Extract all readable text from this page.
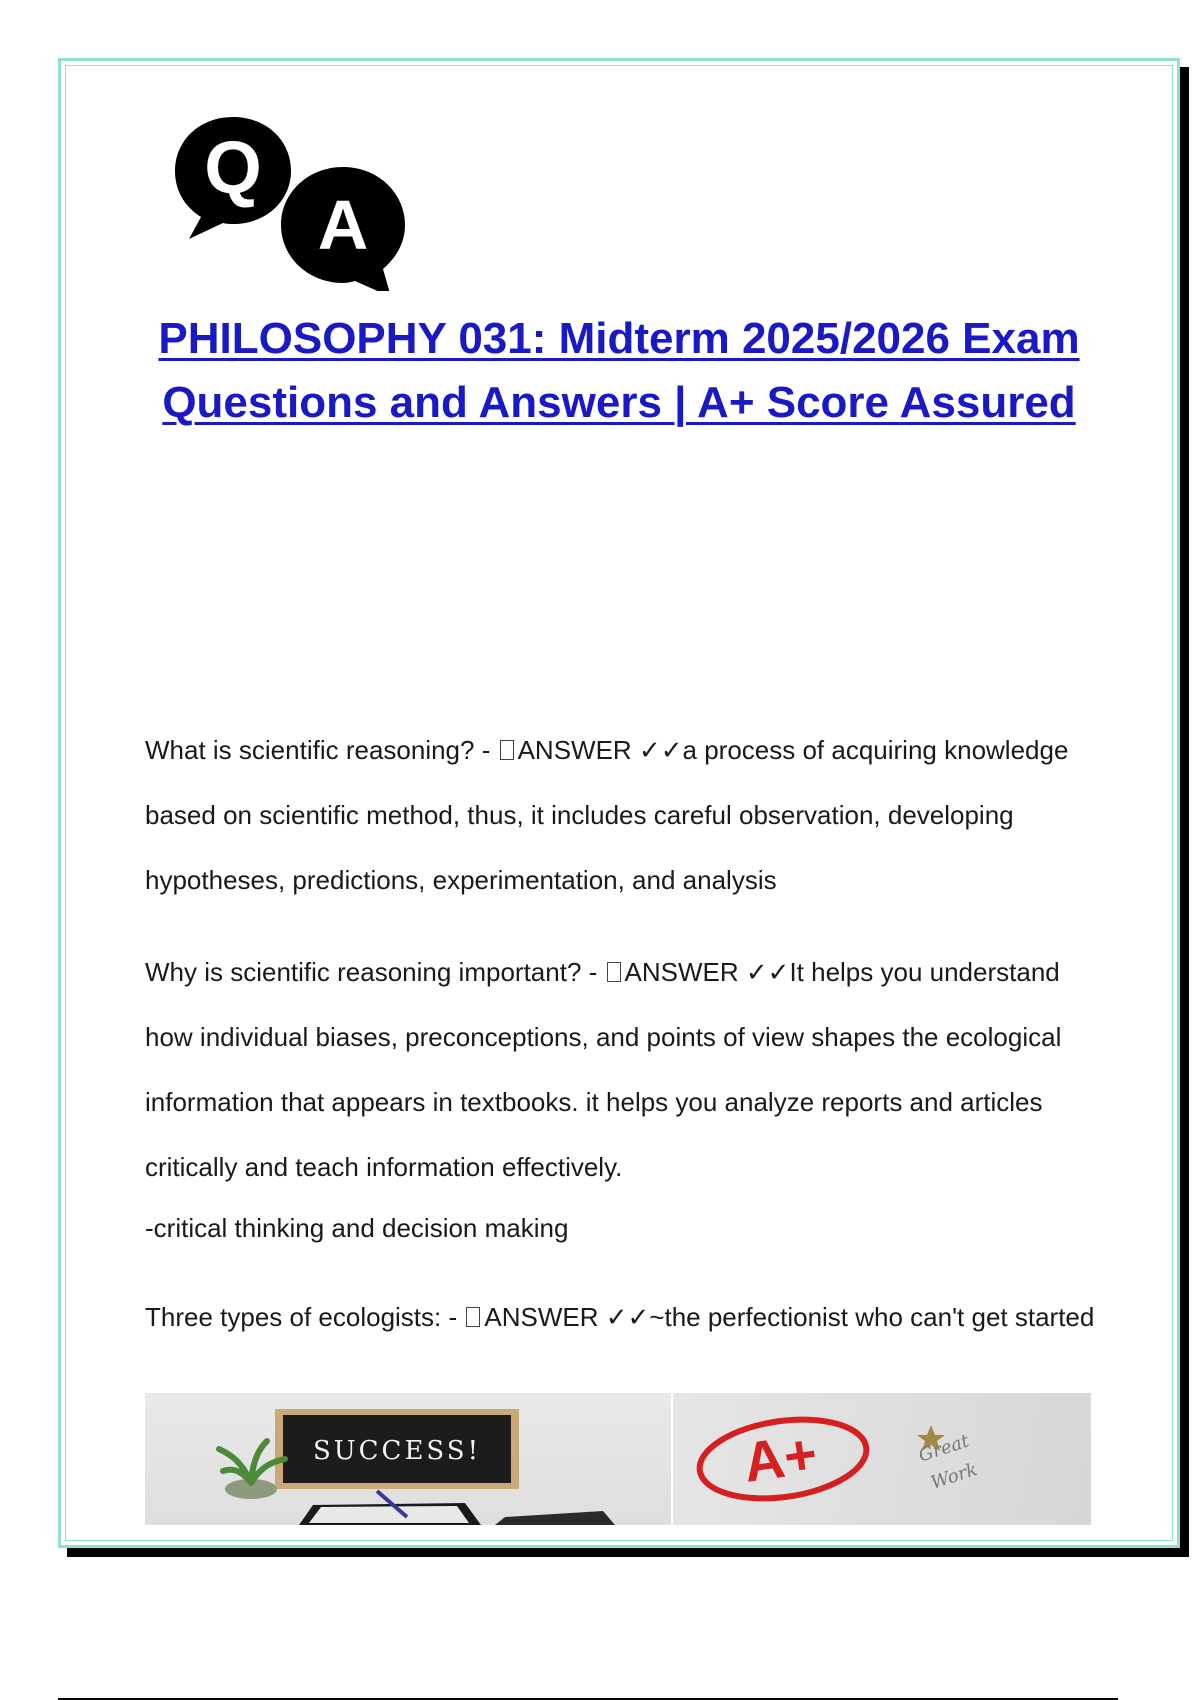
Q
A
PHILOSOPHY 031: Midterm 2025/2026 Exam Questions and Answers | A+ Score Assured

What is scientific reasoning? - ANSWER ✓✓a process of acquiring knowledge based on scientific method, thus, it includes careful observation, developing hypotheses, predictions, experimentation, and analysis

Why is scientific reasoning important? - ANSWER ✓✓It helps you understand how individual biases, preconceptions, and points of view shapes the ecological information that appears in textbooks. it helps you analyze reports and articles critically and teach information effectively.

-critical thinking and decision making

Three types of ecologists: - ANSWER ✓✓~the perfectionist who can't get started

SUCCESS!	A+	Great
Work
